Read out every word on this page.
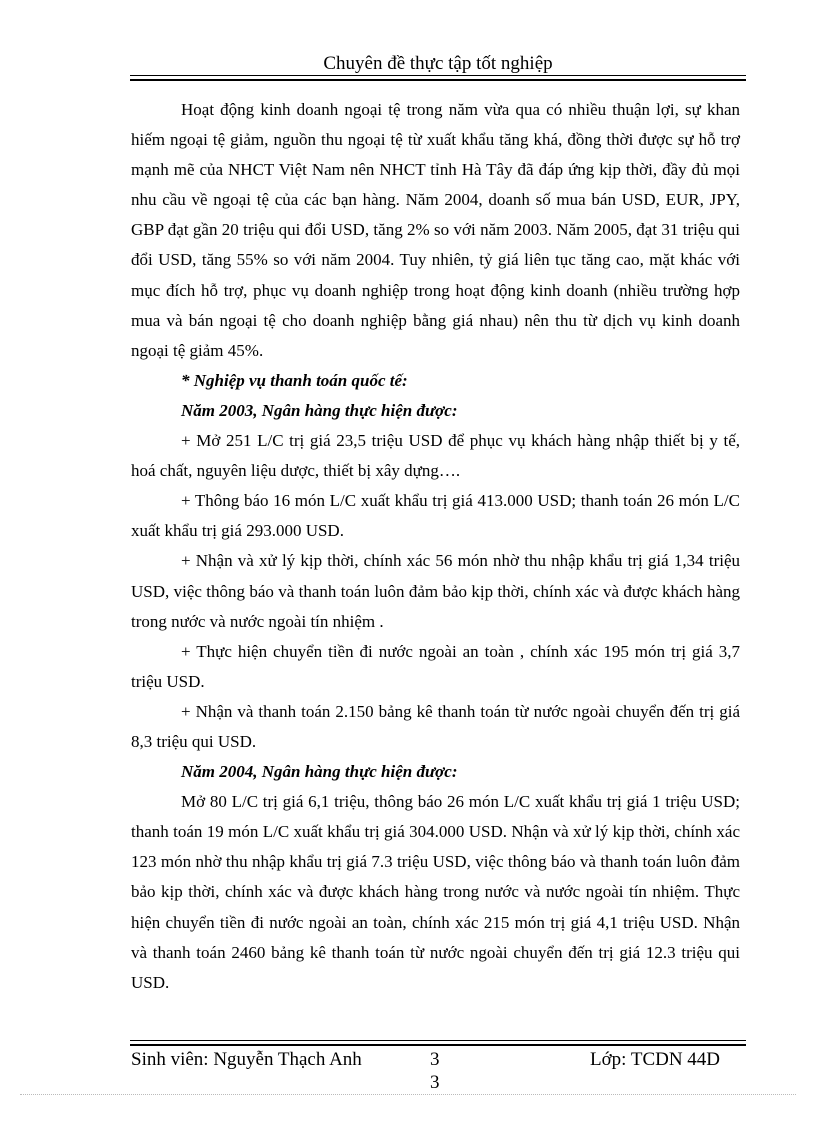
Chuyên đề thực tập tốt nghiệp

Hoạt động kinh doanh ngoại tệ trong năm vừa qua có nhiều thuận lợi, sự khan hiếm ngoại tệ giảm, nguồn thu ngoại tệ từ xuất khẩu tăng khá, đồng thời được sự hỗ trợ mạnh mẽ của NHCT Việt Nam nên NHCT tỉnh Hà Tây đã đáp ứng kịp thời, đầy đủ mọi nhu cầu về ngoại tệ của các bạn hàng. Năm 2004, doanh số mua bán USD, EUR, JPY, GBP đạt gần 20 triệu qui đổi USD, tăng 2% so với năm 2003. Năm 2005, đạt 31 triệu qui đổi USD, tăng 55% so với năm 2004. Tuy nhiên, tỷ giá liên tục tăng cao, mặt khác với mục đích hỗ trợ, phục vụ doanh nghiệp trong hoạt động kinh doanh (nhiều trường hợp mua và bán ngoại tệ cho doanh nghiệp bằng giá nhau) nên thu từ dịch vụ kinh doanh ngoại tệ giảm 45%.

* Nghiệp vụ thanh toán quốc tế:

Năm 2003, Ngân hàng thực hiện được:

+ Mở 251 L/C trị giá 23,5 triệu USD để phục vụ khách hàng nhập thiết bị y tế, hoá chất, nguyên liệu dược, thiết bị xây dựng….

+ Thông báo 16 món L/C xuất khẩu trị giá 413.000 USD; thanh toán 26 món L/C xuất khẩu trị giá 293.000 USD.

+ Nhận và xử lý kịp thời, chính xác 56 món nhờ thu nhập khẩu trị giá 1,34 triệu USD, việc thông báo và thanh toán luôn đảm bảo kịp thời, chính xác và được khách hàng trong nước và nước ngoài tín nhiệm .

+ Thực hiện chuyển tiền đi nước ngoài an toàn , chính xác 195 món trị giá 3,7 triệu USD.

+ Nhận và thanh toán 2.150 bảng kê thanh toán từ nước ngoài chuyển đến trị giá 8,3 triệu qui USD.

Năm 2004, Ngân hàng thực hiện được:

Mở 80 L/C trị giá 6,1 triệu, thông báo 26 món L/C xuất khẩu trị giá 1 triệu USD; thanh toán 19 món L/C xuất khẩu trị giá 304.000 USD. Nhận và xử lý kịp thời, chính xác 123 món nhờ thu nhập khẩu trị giá 7.3 triệu USD, việc thông báo và thanh toán luôn đảm bảo kịp thời, chính xác và được khách hàng trong nước và nước ngoài tín nhiệm. Thực hiện chuyển tiền đi nước ngoài an toàn, chính xác 215 món trị giá 4,1 triệu USD. Nhận và thanh toán 2460 bảng kê thanh toán từ nước ngoài chuyển đến trị giá 12.3 triệu qui USD.

Sinh viên: Nguyễn Thạch Anh	3
3
Lớp: TCDN 44D
